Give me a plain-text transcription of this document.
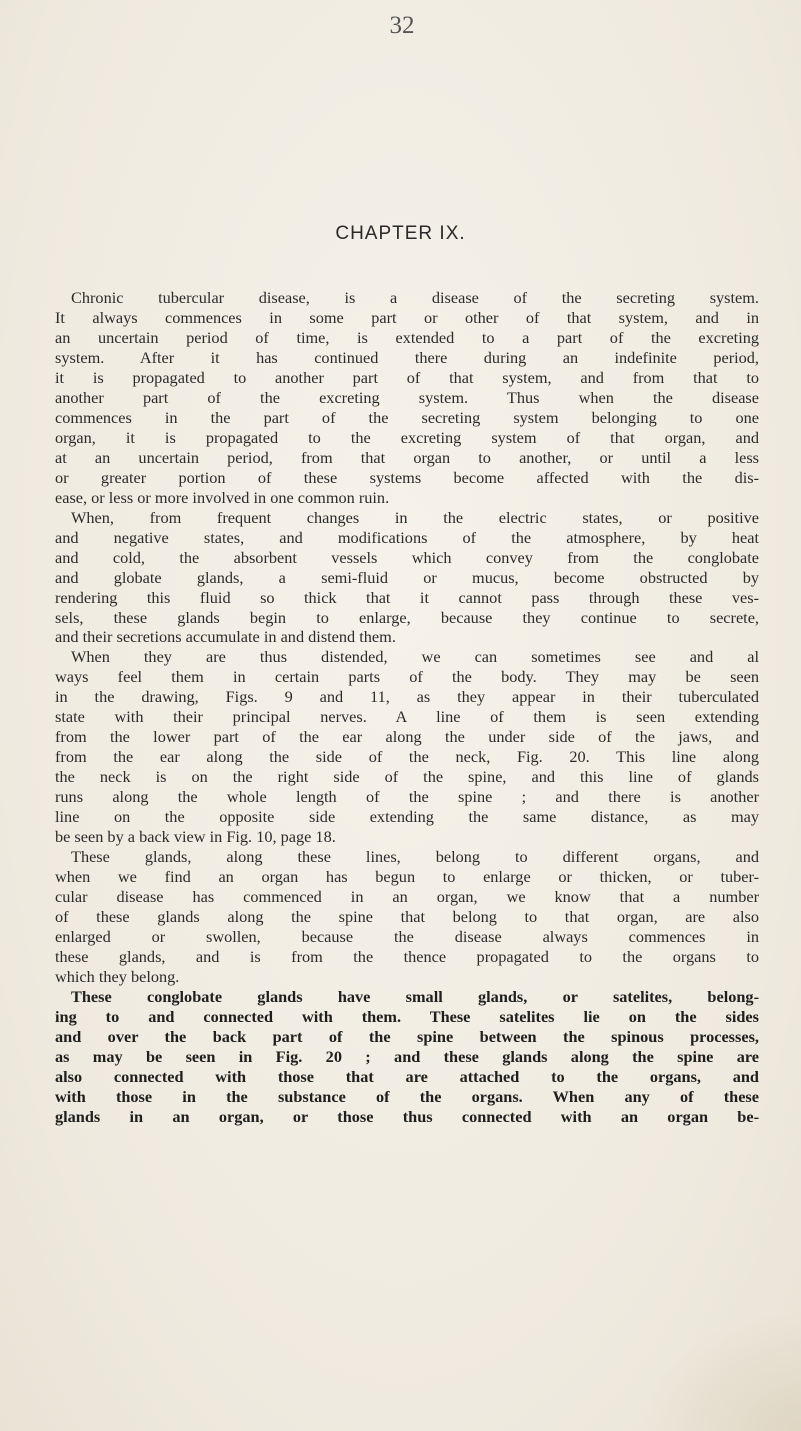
32
CHAPTER IX.
Chronic tubercular disease, is a disease of the secreting system.
It always commences in some part or other of that system, and in
an uncertain period of time, is extended to a part of the excreting
system. After it has continued there during an indefinite period,
it is propagated to another part of that system, and from that to
another part of the excreting system. Thus when the disease
commences in the part of the secreting system belonging to one
organ, it is propagated to the excreting system of that organ, and
at an uncertain period, from that organ to another, or until a less
or greater portion of these systems become affected with the dis-
ease, or less or more involved in one common ruin.
When, from frequent changes in the electric states, or positive
and negative states, and modifications of the atmosphere, by heat
and cold, the absorbent vessels which convey from the conglobate
and globate glands, a semi-fluid or mucus, become obstructed by
rendering this fluid so thick that it cannot pass through these ves-
sels, these glands begin to enlarge, because they continue to secrete,
and their secretions accumulate in and distend them.
When they are thus distended, we can sometimes see and al
ways feel them in certain parts of the body. They may be seen
in the drawing, Figs. 9 and 11, as they appear in their tuberculated
state with their principal nerves. A line of them is seen extending
from the lower part of the ear along the under side of the jaws, and
from the ear along the side of the neck, Fig. 20. This line along
the neck is on the right side of the spine, and this line of glands
runs along the whole length of the spine ; and there is another
line on the opposite side extending the same distance, as may
be seen by a back view in Fig. 10, page 18.
These glands, along these lines, belong to different organs, and
when we find an organ has begun to enlarge or thicken, or tuber-
cular disease has commenced in an organ, we know that a number
of these glands along the spine that belong to that organ, are also
enlarged or swollen, because the disease always commences in
these glands, and is from the thence propagated to the organs to
which they belong.
These conglobate glands have small glands, or satelites, belong-
ing to and connected with them. These satelites lie on the sides
and over the back part of the spine between the spinous processes,
as may be seen in Fig. 20 ; and these glands along the spine are
also connected with those that are attached to the organs, and
with those in the substance of the organs. When any of these
glands in an organ, or those thus connected with an organ be-
